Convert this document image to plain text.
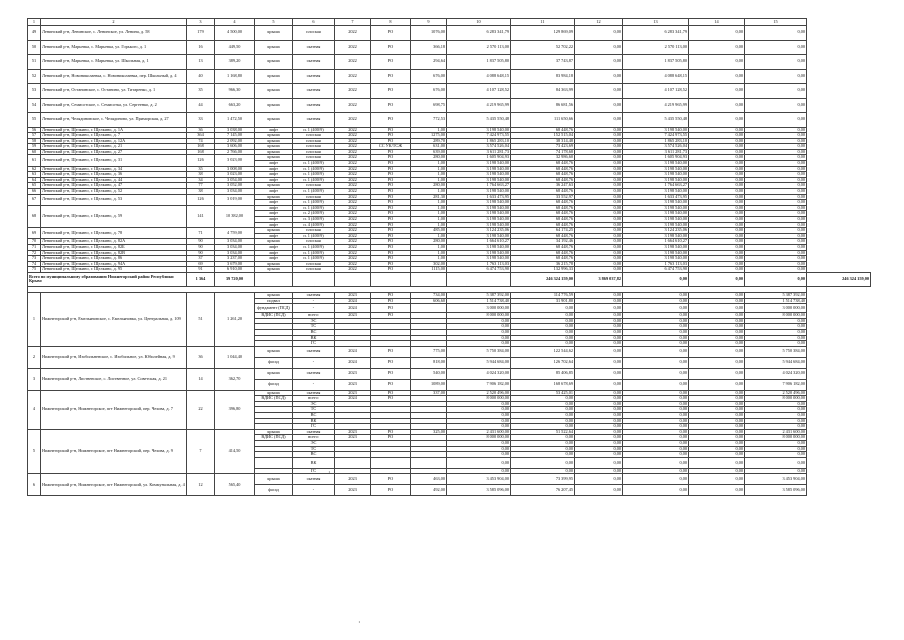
1	2	3	4	5	6	7	8	9	10	11	12	13	14	15	
49	Ленинский р-н, Ленинское, с. Ленинское, ул. Ленина, д. 58	179	4 500,00	крыша	плоская	2022	РО	1076,00	6 283 341,79	129 869,09	0,00	6 283 341,79	0,00	0,00	
50	Ленинский р-н, Марьевка, с. Марьевка, ул. Горького, д. 1	16	449,50	крыша	скатная	2022	РО	366,18	2 570 113,00	52 702,22	0,00	2 570 113,00	0,00	0,00	
51	Ленинский р-н, Марьевка, с. Марьевка, ул. Школьная, д. 1	13	389,20	крыша	скатная	2022	РО	294,64	1 837 505,80	37 743,87	0,00	1 837 505,80	0,00	0,00	
52	Ленинский р-н, Новониколаевка, с. Новониколаевка, пер. Школьный, д. 4	40	1 168,80	крыша	скатная	2022	РО	676,00	4 088 648,15	83 984,18	0,00	4 088 648,15	0,00	0,00	
53	Ленинский р-н, Останинское, с. Останино, ул. Титаренко, д. 1	35	966,30	крыша	скатная	2022	РО	676,00	4 107 128,52	84 363,99	0,00	4 107 128,52	0,00	0,00	
54	Ленинский р-н, Семисотское, с. Семисотка, ул. Сергеенко, д. 2	44	663,20	крыша	скатная	2022	РО	698,75	4 219 965,99	86 681,56	0,00	4 219 965,99	0,00	0,00	
55	Ленинский р-н, Челядиновское, с. Челядиново, ул. Приморская, д. 27	33	1 472,50	крыша	скатная	2022	РО	772,53	5 435 550,48	111 650,66	0,00	5 435 550,48	0,00	0,00	
56	Ленинский р-н, Щелкино, г. Щелкино, д. 1А	36	3 038,00	лифт	п. 1 (400/9)	2022	РО	1,00	3 198 540,00	68 448,76	0,00	3 198 540,00	0,00	0,00	
57	Ленинский р-н, Щелкино, г. Щелкино, д. 7	364	7 145,00	крыша	плоская	2022	РО	1275,00	7 424 973,55	152 515,04	0,00	7 424 973,55	0,00	0,00	
58	Ленинский р-н, Щелкино, г. Щелкино, д. 12А	74	2 092,00	крыша	плоская	2022	РО	289,70	1 865 283,10	38 314,48	0,00	1 865 283,10	0,00	0,00	
59	Ленинский р-н, Щелкино, г. Щелкино, д. 21	168	3 606,00	крыша	плоская	2022	СС УК/ТСЖ	631,00	3 574 526,04	73 423,69	0,00	3 574 526,04	0,00	0,00	
60	Ленинский р-н, Щелкино, г. Щелкино, д. 27	168	2 766,00	крыша	плоская	2022	РО	639,00	3 611 281,73	74 178,68	0,00	3 611 281,73	0,00	0,00	
61	Ленинский р-н, Щелкино, г. Щелкино, д. 31	126	3 023,00	крыша	плоская	2022	РО	280,00	1 605 904,93	32 986,60	0,00	1 605 904,93	0,00	0,00	
				лифт	п. 1 (400/9)	2022	РО	1,00	3 198 540,00	68 448,76	0,00	3 198 540,00	0,00	0,00	
62	Ленинский р-н, Щелкино, г. Щелкино, д. 34	35	3 008,00	лифт	п. 1 (400/9)	2022	РО	1,00	3 198 540,00	68 448,76	0,00	3 198 540,00	0,00	0,00	
63	Ленинский р-н, Щелкино, г. Щелкино, д. 36	38	3 023,00	лифт	п. 1 (400/9)	2022	РО	1,00	3 198 540,00	68 448,76	0,00	3 198 540,00	0,00	0,00	
64	Ленинский р-н, Щелкино, г. Щелкино, д. 44	34	3 054,00	лифт	п. 1 (400/9)	2022	РО	1,00	3 198 540,00	68 448,76	0,00	3 198 540,00	0,00	0,00	
65	Ленинский р-н, Щелкино, г. Щелкино, д. 47	77	3 052,00	крыша	плоская	2022	РО	280,00	1 764 663,27	36 247,63	0,00	1 764 663,27	0,00	0,00	
66	Ленинский р-н, Щелкино, г. Щелкино, д. 52	38	3 034,00	лифт	п. 1 (400/9)	2022	РО	1,00	3 198 540,00	68 448,76	0,00	3 198 540,00	0,00	0,00	
67	Ленинский р-н, Щелкино, г. Щелкино, д. 53	126	3 019,00	крыша	плоская	2022	РО	281,30	1 633 473,95	33 552,97	0,00	1 633 473,95	0,00	0,00	
				лифт	п. 1 (400/9)	2022	РО	1,00	3 198 540,00	68 448,76	0,00	3 198 540,00	0,00	0,00	
68	Ленинский р-н, Щелкино, г. Щелкино, д. 59	141	10 382,00	лифт	п. 1 (400/9)	2022	РО	1,00	3 198 540,00	68 448,76	0,00	3 198 540,00	0,00	0,00	
				лифт	п. 2 (400/9)	2022	РО	1,00	3 198 540,00	68 448,76	0,00	3 198 540,00	0,00	0,00	
				лифт	п. 3 (400/9)	2022	РО	1,00	3 198 540,00	68 448,76	0,00	3 198 540,00	0,00	0,00	
				лифт	п. 4 (400/9)	2022	РО	1,00	3 198 540,00	68 448,76	0,00	3 198 540,00	0,00	0,00	
69	Ленинский р-н, Щелкино, г. Щелкино, д. 78	71	4 759,00	крыша	плоская	2022	РО	485,00	3 124 235,06	64 174,25	0,00	3 124 235,06	0,00	0,00	
				лифт	п. 1 (400/9)	2022	РО	1,00	3 198 540,00	68 448,76	0,00	3 198 540,00	0,00	0,00	
70	Ленинский р-н, Щелкино, г. Щелкино, д. 82А	90	3 034,00	крыша	плоская	2022	РО	280,00	1 664 610,27	34 192,46	0,00	1 664 610,27	0,00	0,00	
71	Ленинский р-н, Щелкино, г. Щелкино, д. 82Б	90	3 034,00	лифт	п. 1 (400/9)	2022	РО	1,00	3 198 540,00	68 448,76	0,00	3 198 540,00	0,00	0,00	
72	Ленинский р-н, Щелкино, г. Щелкино, д. 82В	90	3 034,00	лифт	п. 1 (400/9)	2022	РО	1,00	3 198 540,00	68 448,76	0,00	3 198 540,00	0,00	0,00	
73	Ленинский р-н, Щелкино, г. Щелкино, д. 86	37	3 237,00	лифт	п. 1 (400/9)	2022	РО	1,00	3 198 540,00	68 448,76	0,00	3 198 540,00	0,00	0,00	
74	Ленинский р-н, Щелкино, г. Щелкино, д. 94А	69	3 679,00	крыша	плоская	2022	РО	302,00	1 763 113,03	36 215,78	0,00	1 763 113,03	0,00	0,00	
75	Ленинский р-н, Щелкино, г. Щелкино, д. 95	91	6 910,00	крыша	плоская	2022	РО	1115,00	6 474 753,90	132 996,33	0,00	6 474 753,90	0,00	0,00	
Всего по муниципальному образованию Нижнегорский район Республики Крым:		1 364	39 720,00							246 324 159,00	3 869 037,82	0,00	0,00	0,00	246 324 159,00

1	Нижнегорский р-н, Емельяновское, с. Емельяновка, ул. Центральная, д. 109	51	1 261,20	крыша	скатная	2023	РО	734,00	5 387 392,00	114 776,59	0,00	0,00	0,00	5 387 392,00	
				подвал	-	2024	РО	606,60	1 514 738,40	31 901,80	0,00	0,00	0,00	1 514 738,40	
				фундамент (ПСД)	-	2024	РО		3 000 000,00	0,00	0,00	0,00	0,00	3 000 000,00	
				ВДИС (ПСД)	всего:	2023	РО		8 000 000,00	0,00	0,00	0,00	0,00	8 000 000,00	
					ЭС				0,00	0,00	0,00	0,00	0,00	0,00	
					ТС				0,00	0,00	0,00	0,00	0,00	0,00	
					ВС				0,00	0,00	0,00	0,00	0,00	0,00	
					ВК				0,00	0,00	0,00	0,00	0,00	0,00	
					ГС				0,00	0,00	0,00	0,00	0,00	0,00	
2	Нижнегорский р-н, Изобильненское, с. Изобильное, ул. Юбилейная, д. 9	36	1 044,40	крыша	скатная	2024	РО	775,00	5 750 384,00	122 544,62	0,00	0,00	0,00	5 750 384,00	
				фасад	-	2024	РО	818,00	5 944 684,00	126 702,64	0,00	0,00	0,00	5 944 684,00	
3	Нижнегорский р-н, Лиственское, с. Лиственное, ул. Советская, д. 21	14	362,70	крыша	скатная	2023	РО	540,00	4 024 320,00	85 406,85	0,00	0,00	0,00	4 024 320,00	
				фасад	-	2023	РО	1089,00	7 906 182,00	168 678,69	0,00	0,00	0,00	7 906 182,00	
4	Нижнегорский р-н, Нижнегорское, пгт Нижнегорский, пер. Чехова, д. 7	22	396,80	крыша	скатная	2023	РО	337,00	2 520 496,00	53 425,01	0,00	0,00	0,00	2 520 496,00	
				ВДИС (ПСД)	всего:	2024	РО		8 000 000,00	0,00	0,00	0,00	0,00	8 000 000,00	
					ЭС				0,00	0,00	0,00	0,00	0,00	0,00	
					ТС				0,00	0,00	0,00	0,00	0,00	0,00	
					ВС				0,00	0,00	0,00	0,00	0,00	0,00	
					ВК				0,00	0,00	0,00	0,00	0,00	0,00	
					ГС				0,00	0,00	0,00	0,00	0,00	0,00	
5	Нижнегорский р-н, Нижнегорское, пгт Нижнегорский, пер. Чехова, д. 9	7	414,50	крыша	скатная	2023	РО	325,00	2 431 600,00	51 522,64	0,00	0,00	0,00	2 431 600,00	
				ВДИС (ПСД)	всего:	2023	РО		8 000 000,00	0,00	0,00	0,00	0,00	8 000 000,00	
					ЭС				0,00	0,00	0,00	0,00	0,00	0,00	
					ТС				0,00	0,00	0,00	0,00	0,00	0,00	
					ВС				0,00	0,00	0,00	0,00	0,00	0,00	
					ВК				0,00	0,00	0,00	0,00	0,00	0,00	
					ГС				0,00	0,00	0,00	0,00	0,00	0,00	
6	Нижнегорский р-н, Нижнегорское, пгт Нижнегорский, ул. Коммунальная, д. 4	12	565,40	крыша	скатная	2023	РО	463,00	3 453 904,00	73 399,95	0,00	0,00	0,00	3 453 904,00	
				фасад	-	2023	РО	492,00	3 585 096,00	76 207,45	0,00	0,00	0,00	3 585 096,00	
·
·
